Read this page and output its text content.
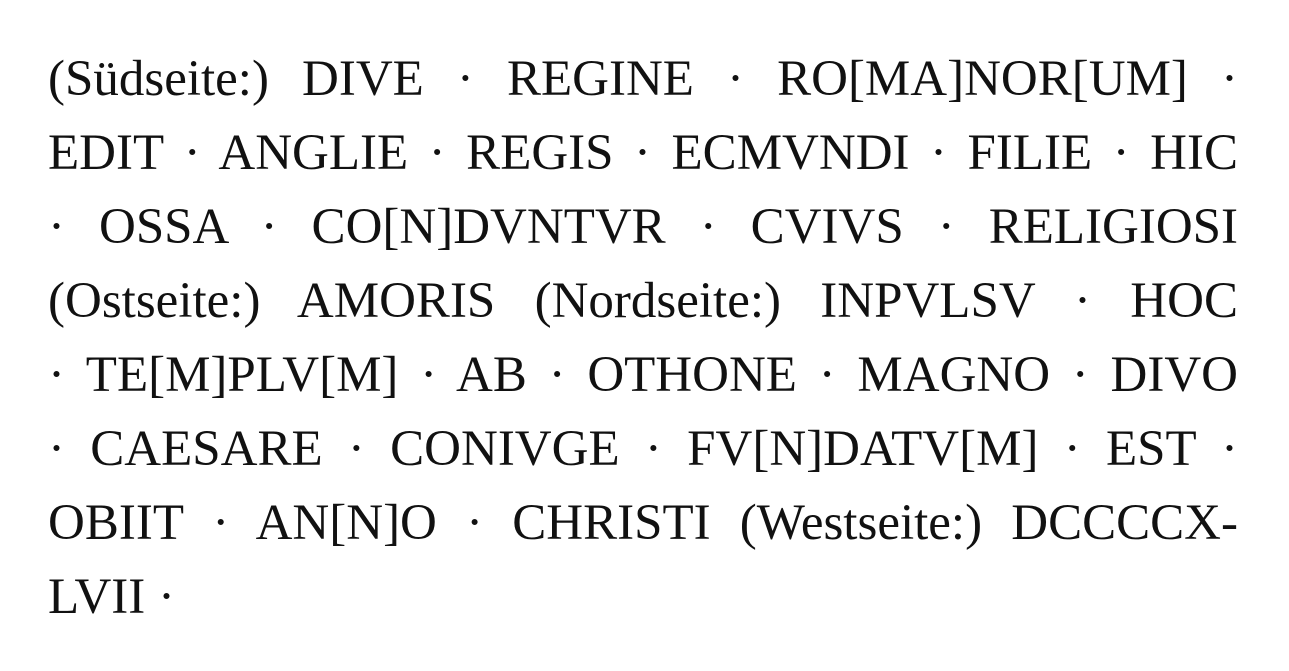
(Südseite:) DIVE · REGINE · RO[MA]NOR[UM] ·
EDIT · ANGLIE · REGIS · ECMVNDI · FILIE · HIC
· OSSA · CO[N]DVNTVR · CVIVS · RELIGIOSI
(Ostseite:) AMORIS (Nordseite:) INPVLSV · HOC
· TE[M]PLV[M] · AB · OTHONE · MAGNO · DIVO
· CAESARE · CONIVGE · FV[N]DATV[M] · EST ·
OBIIT · AN[N]O · CHRISTI (Westseite:) DCCCCX-
LVII ·
